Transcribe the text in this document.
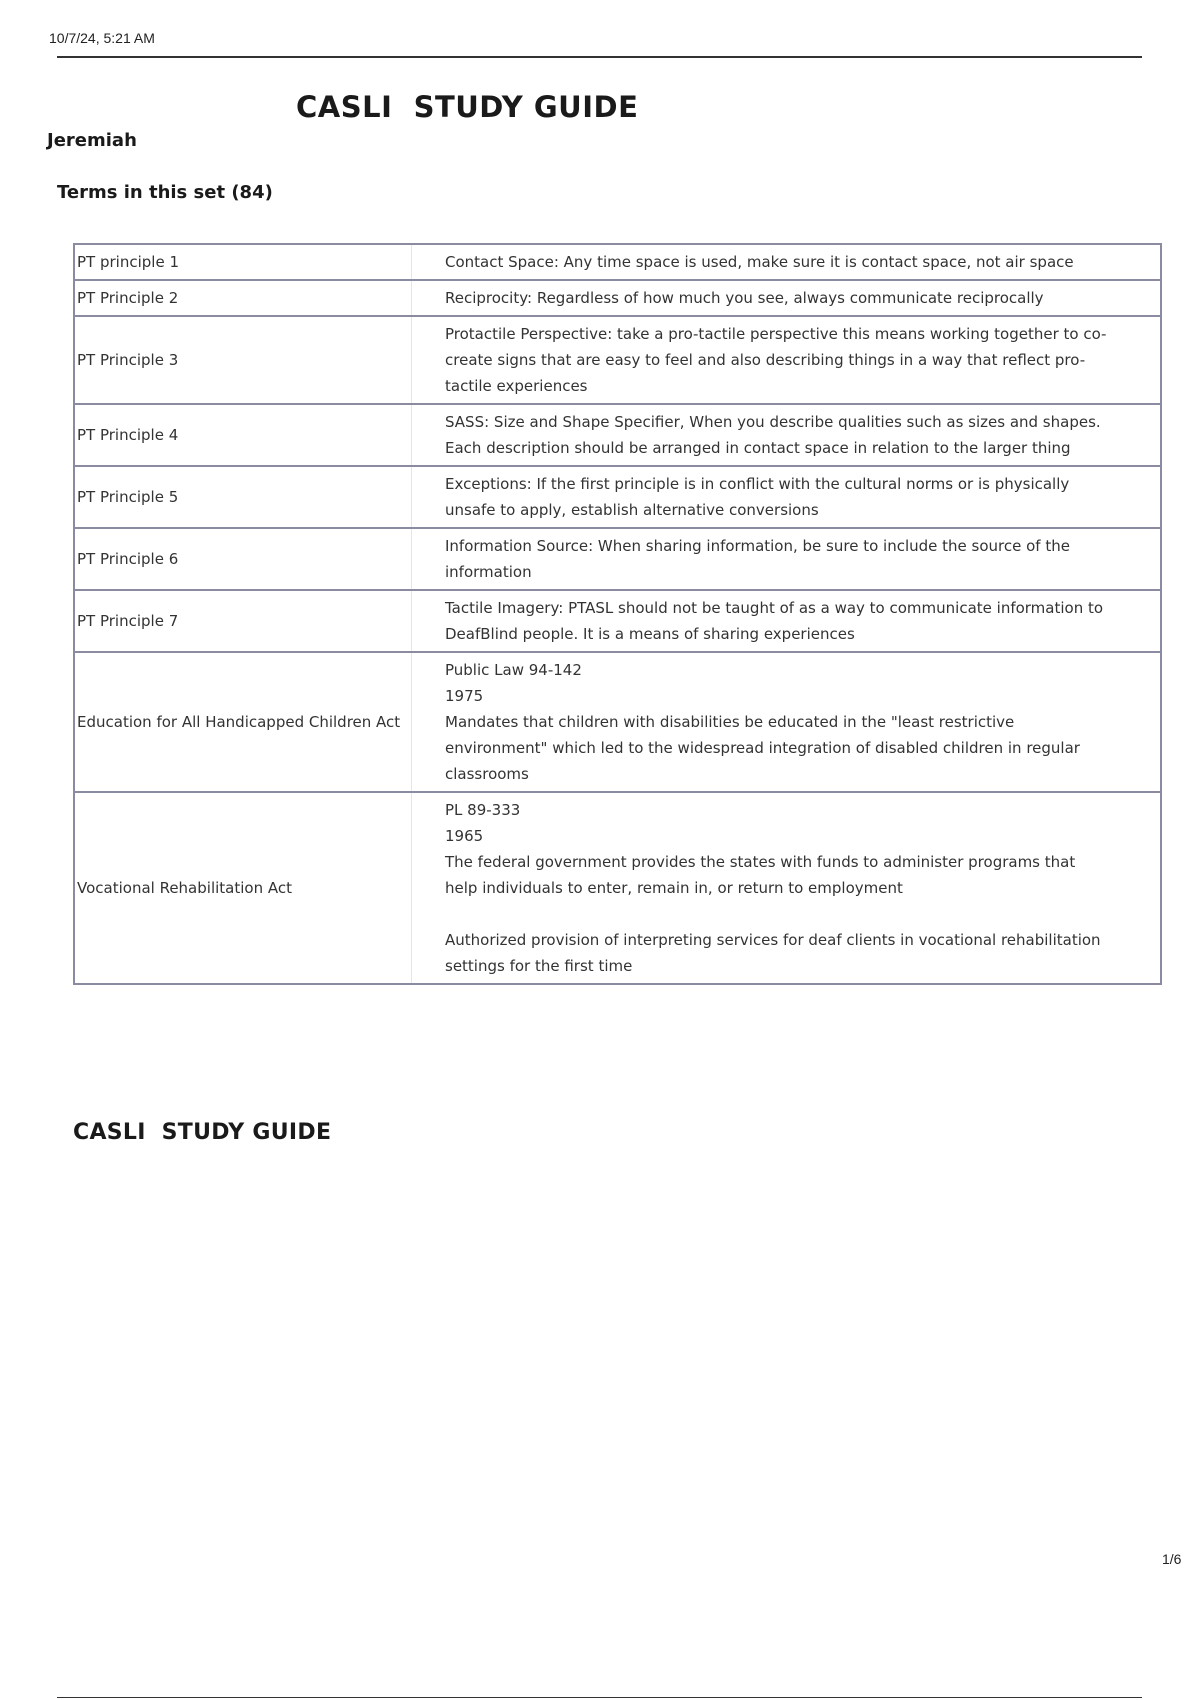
10/7/24, 5:21 AM
CASLI  STUDY GUIDE
Jeremiah
Terms in this set (84)
PT principle 1	Contact Space: Any time space is used, make sure it is contact space, not air space

PT Principle 2	Reciprocity: Regardless of how much you see, always communicate reciprocally

PT Principle 3	Protactile Perspective: take a pro-tactile perspective this means working together to co-create signs that are easy to feel and also describing things in a way that reflect pro-tactile experiences

PT Principle 4	SASS: Size and Shape Specifier, When you describe qualities such as sizes and shapes. Each description should be arranged in contact space in relation to the larger thing

PT Principle 5	Exceptions: If the first principle is in conflict with the cultural norms or is physically unsafe to apply, establish alternative conversions

PT Principle 6	Information Source: When sharing information, be sure to include the source of the information

PT Principle 7	Tactile Imagery: PTASL should not be taught of as a way to communicate information to DeafBlind people. It is a means of sharing experiences

Education for All Handicapped Children Act	Public Law 94-142
1975
Mandates that children with disabilities be educated in the "least restrictive environment" which led to the widespread integration of disabled children in regular classrooms

Vocational Rehabilitation Act	PL 89-333
1965
The federal government provides the states with funds to administer programs that help individuals to enter, remain in, or return to employment
Authorized provision of interpreting services for deaf clients in vocational rehabilitation settings for the first time
CASLI  STUDY GUIDE
1/6
